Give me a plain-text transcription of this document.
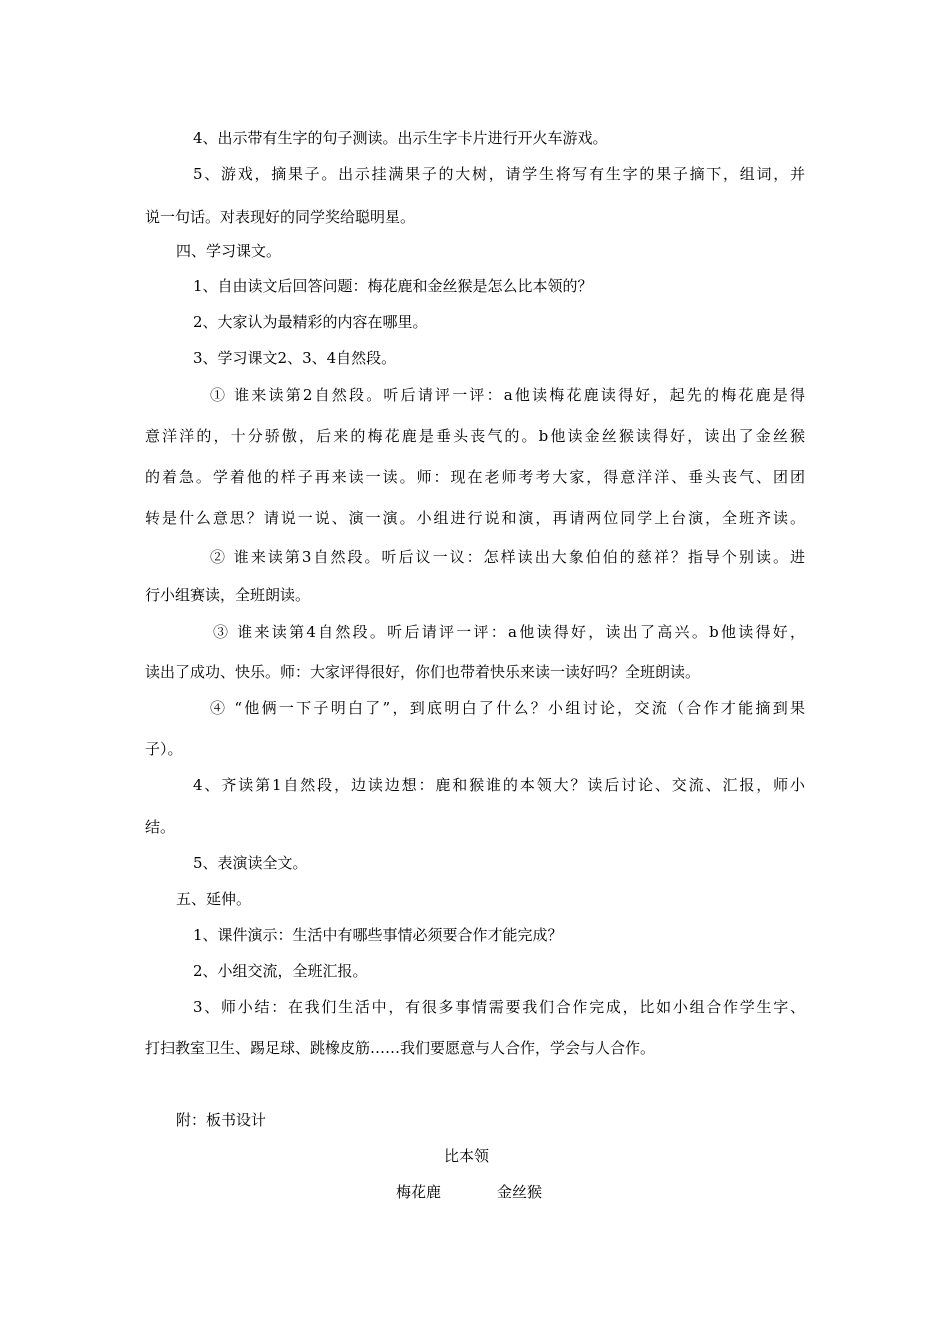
4、出示带有生字的句子测读。出示生字卡片进行开火车游戏。
5、游戏，摘果子。出示挂满果子的大树，请学生将写有生字的果子摘下，组词，并
说一句话。对表现好的同学奖给聪明星。
四、学习课文。
1、自由读文后回答问题：梅花鹿和金丝猴是怎么比本领的？
2、大家认为最精彩的内容在哪里。
3、学习课文2、3、4自然段。
① 谁来读第2自然段。听后请评一评：a他读梅花鹿读得好，起先的梅花鹿是得
意洋洋的，十分骄傲，后来的梅花鹿是垂头丧气的。b他读金丝猴读得好，读出了金丝猴
的着急。学着他的样子再来读一读。师：现在老师考考大家，得意洋洋、垂头丧气、团团
转是什么意思？请说一说、演一演。小组进行说和演，再请两位同学上台演，全班齐读。
② 谁来读第3自然段。听后议一议：怎样读出大象伯伯的慈祥？指导个别读。进
行小组赛读，全班朗读。
③ 谁来读第4自然段。听后请评一评：a他读得好，读出了高兴。b他读得好，
读出了成功、快乐。师：大家评得很好，你们也带着快乐来读一读好吗？全班朗读。
④ “他俩一下子明白了”，到底明白了什么？小组讨论，交流（合作才能摘到果
子）。
4、齐读第1自然段，边读边想：鹿和猴谁的本领大？读后讨论、交流、汇报，师小
结。
5、表演读全文。
五、延伸。
1、课件演示：生活中有哪些事情必须要合作才能完成？
2、小组交流，全班汇报。
3、师小结：在我们生活中，有很多事情需要我们合作完成，比如小组合作学生字、
打扫教室卫生、踢足球、跳橡皮筋……我们要愿意与人合作，学会与人合作。
附：板书设计
比本领
梅花鹿	金丝猴
